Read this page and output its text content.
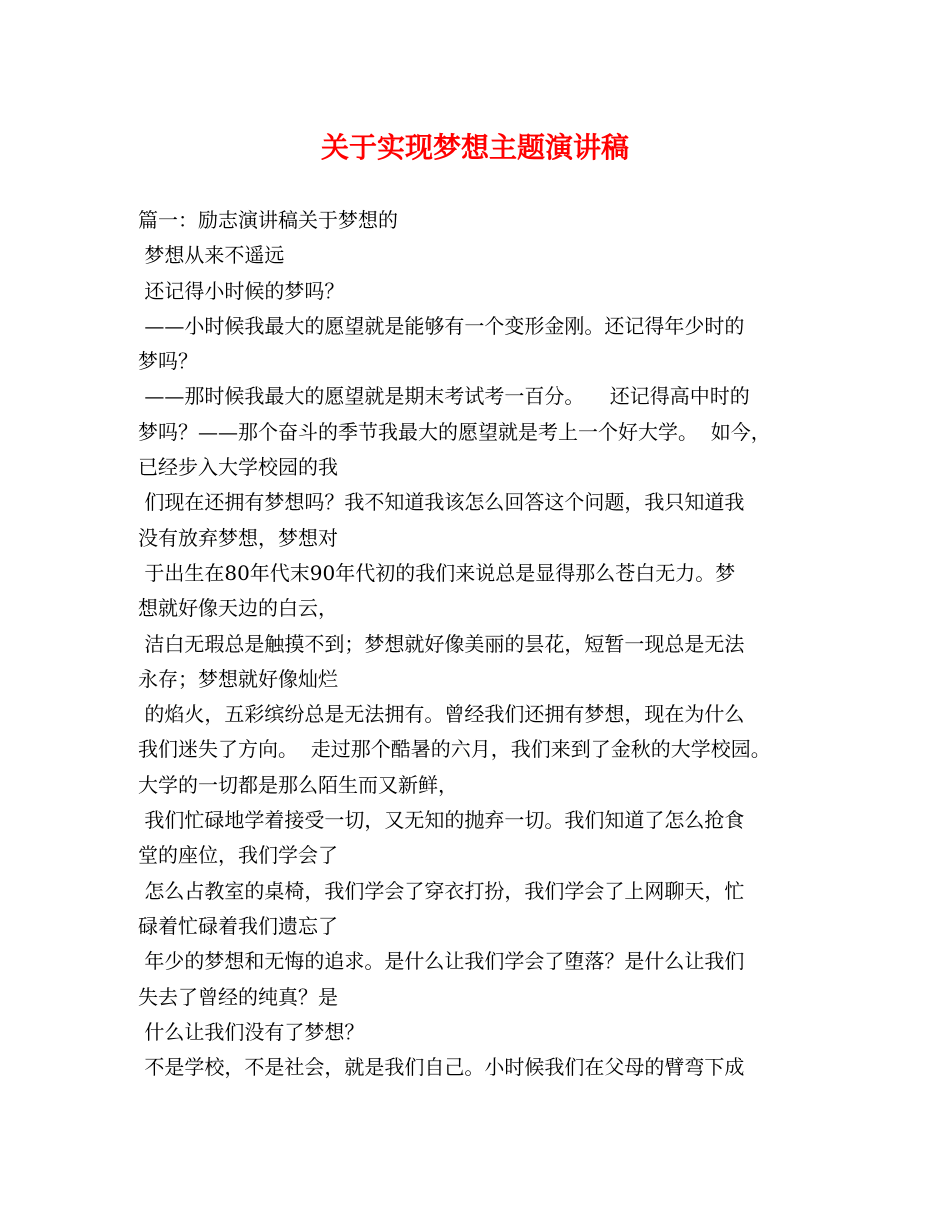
关于实现梦想主题演讲稿
篇一：励志演讲稿关于梦想的
梦想从来不遥远
还记得小时候的梦吗？
——小时候我最大的愿望就是能够有一个变形金刚。还记得年少时的
梦吗？
——那时候我最大的愿望就是期末考试考一百分。    还记得高中时的
梦吗？——那个奋斗的季节我最大的愿望就是考上一个好大学。  如今，
已经步入大学校园的我
们现在还拥有梦想吗？我不知道我该怎么回答这个问题，我只知道我
没有放弃梦想，梦想对
于出生在80年代末90年代初的我们来说总是显得那么苍白无力。梦
想就好像天边的白云，
洁白无瑕总是触摸不到；梦想就好像美丽的昙花，短暂一现总是无法
永存；梦想就好像灿烂
的焰火，五彩缤纷总是无法拥有。曾经我们还拥有梦想，现在为什么
我们迷失了方向。  走过那个酷暑的六月，我们来到了金秋的大学校园。
大学的一切都是那么陌生而又新鲜，
我们忙碌地学着接受一切，又无知的抛弃一切。我们知道了怎么抢食
堂的座位，我们学会了
怎么占教室的桌椅，我们学会了穿衣打扮，我们学会了上网聊天，忙
碌着忙碌着我们遗忘了
年少的梦想和无悔的追求。是什么让我们学会了堕落？是什么让我们
失去了曾经的纯真？是
什么让我们没有了梦想？
不是学校，不是社会，就是我们自己。小时候我们在父母的臂弯下成
